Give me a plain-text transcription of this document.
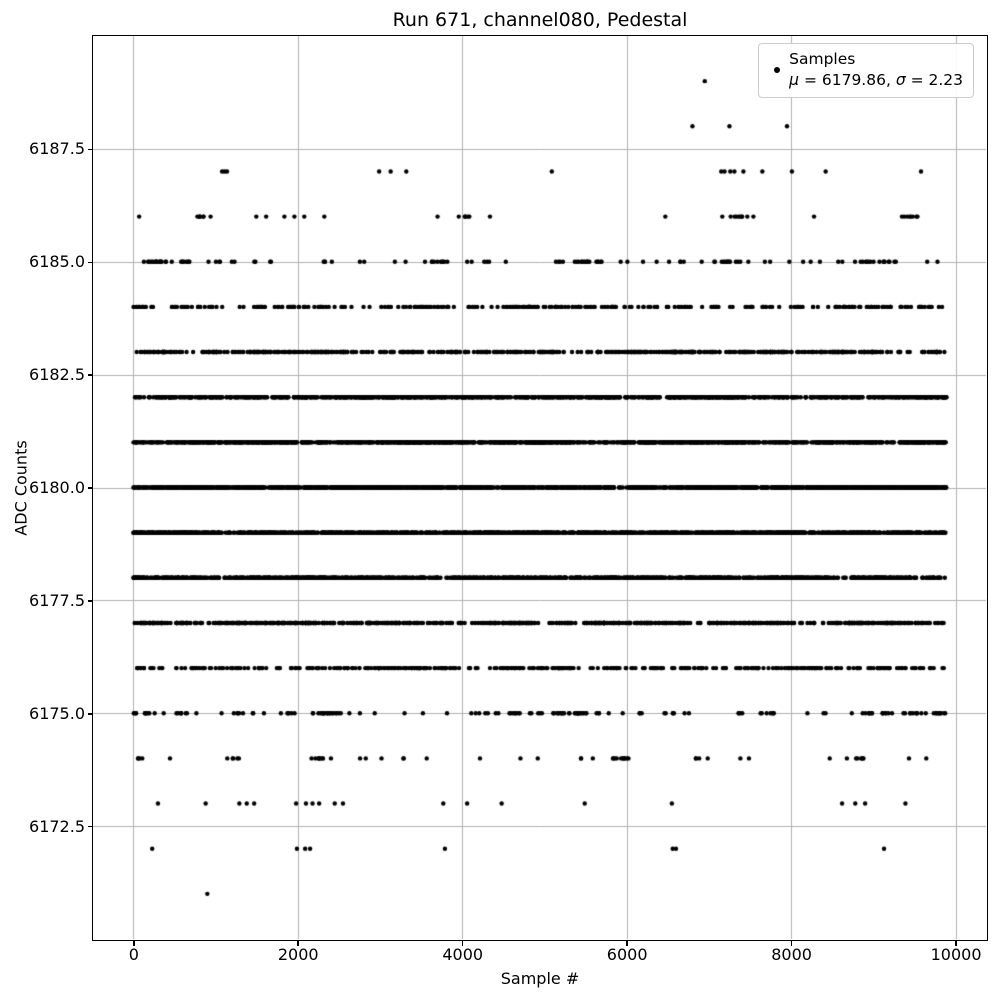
Run 671, channel080, Pedestal
ADC Counts
Samples
μ = 6179.86, σ = 2.23
6172.5
6175.0
6177.5
6180.0
6182.5
6185.0
6187.5
0	2000	4000	6000	8000	10000
Sample #
